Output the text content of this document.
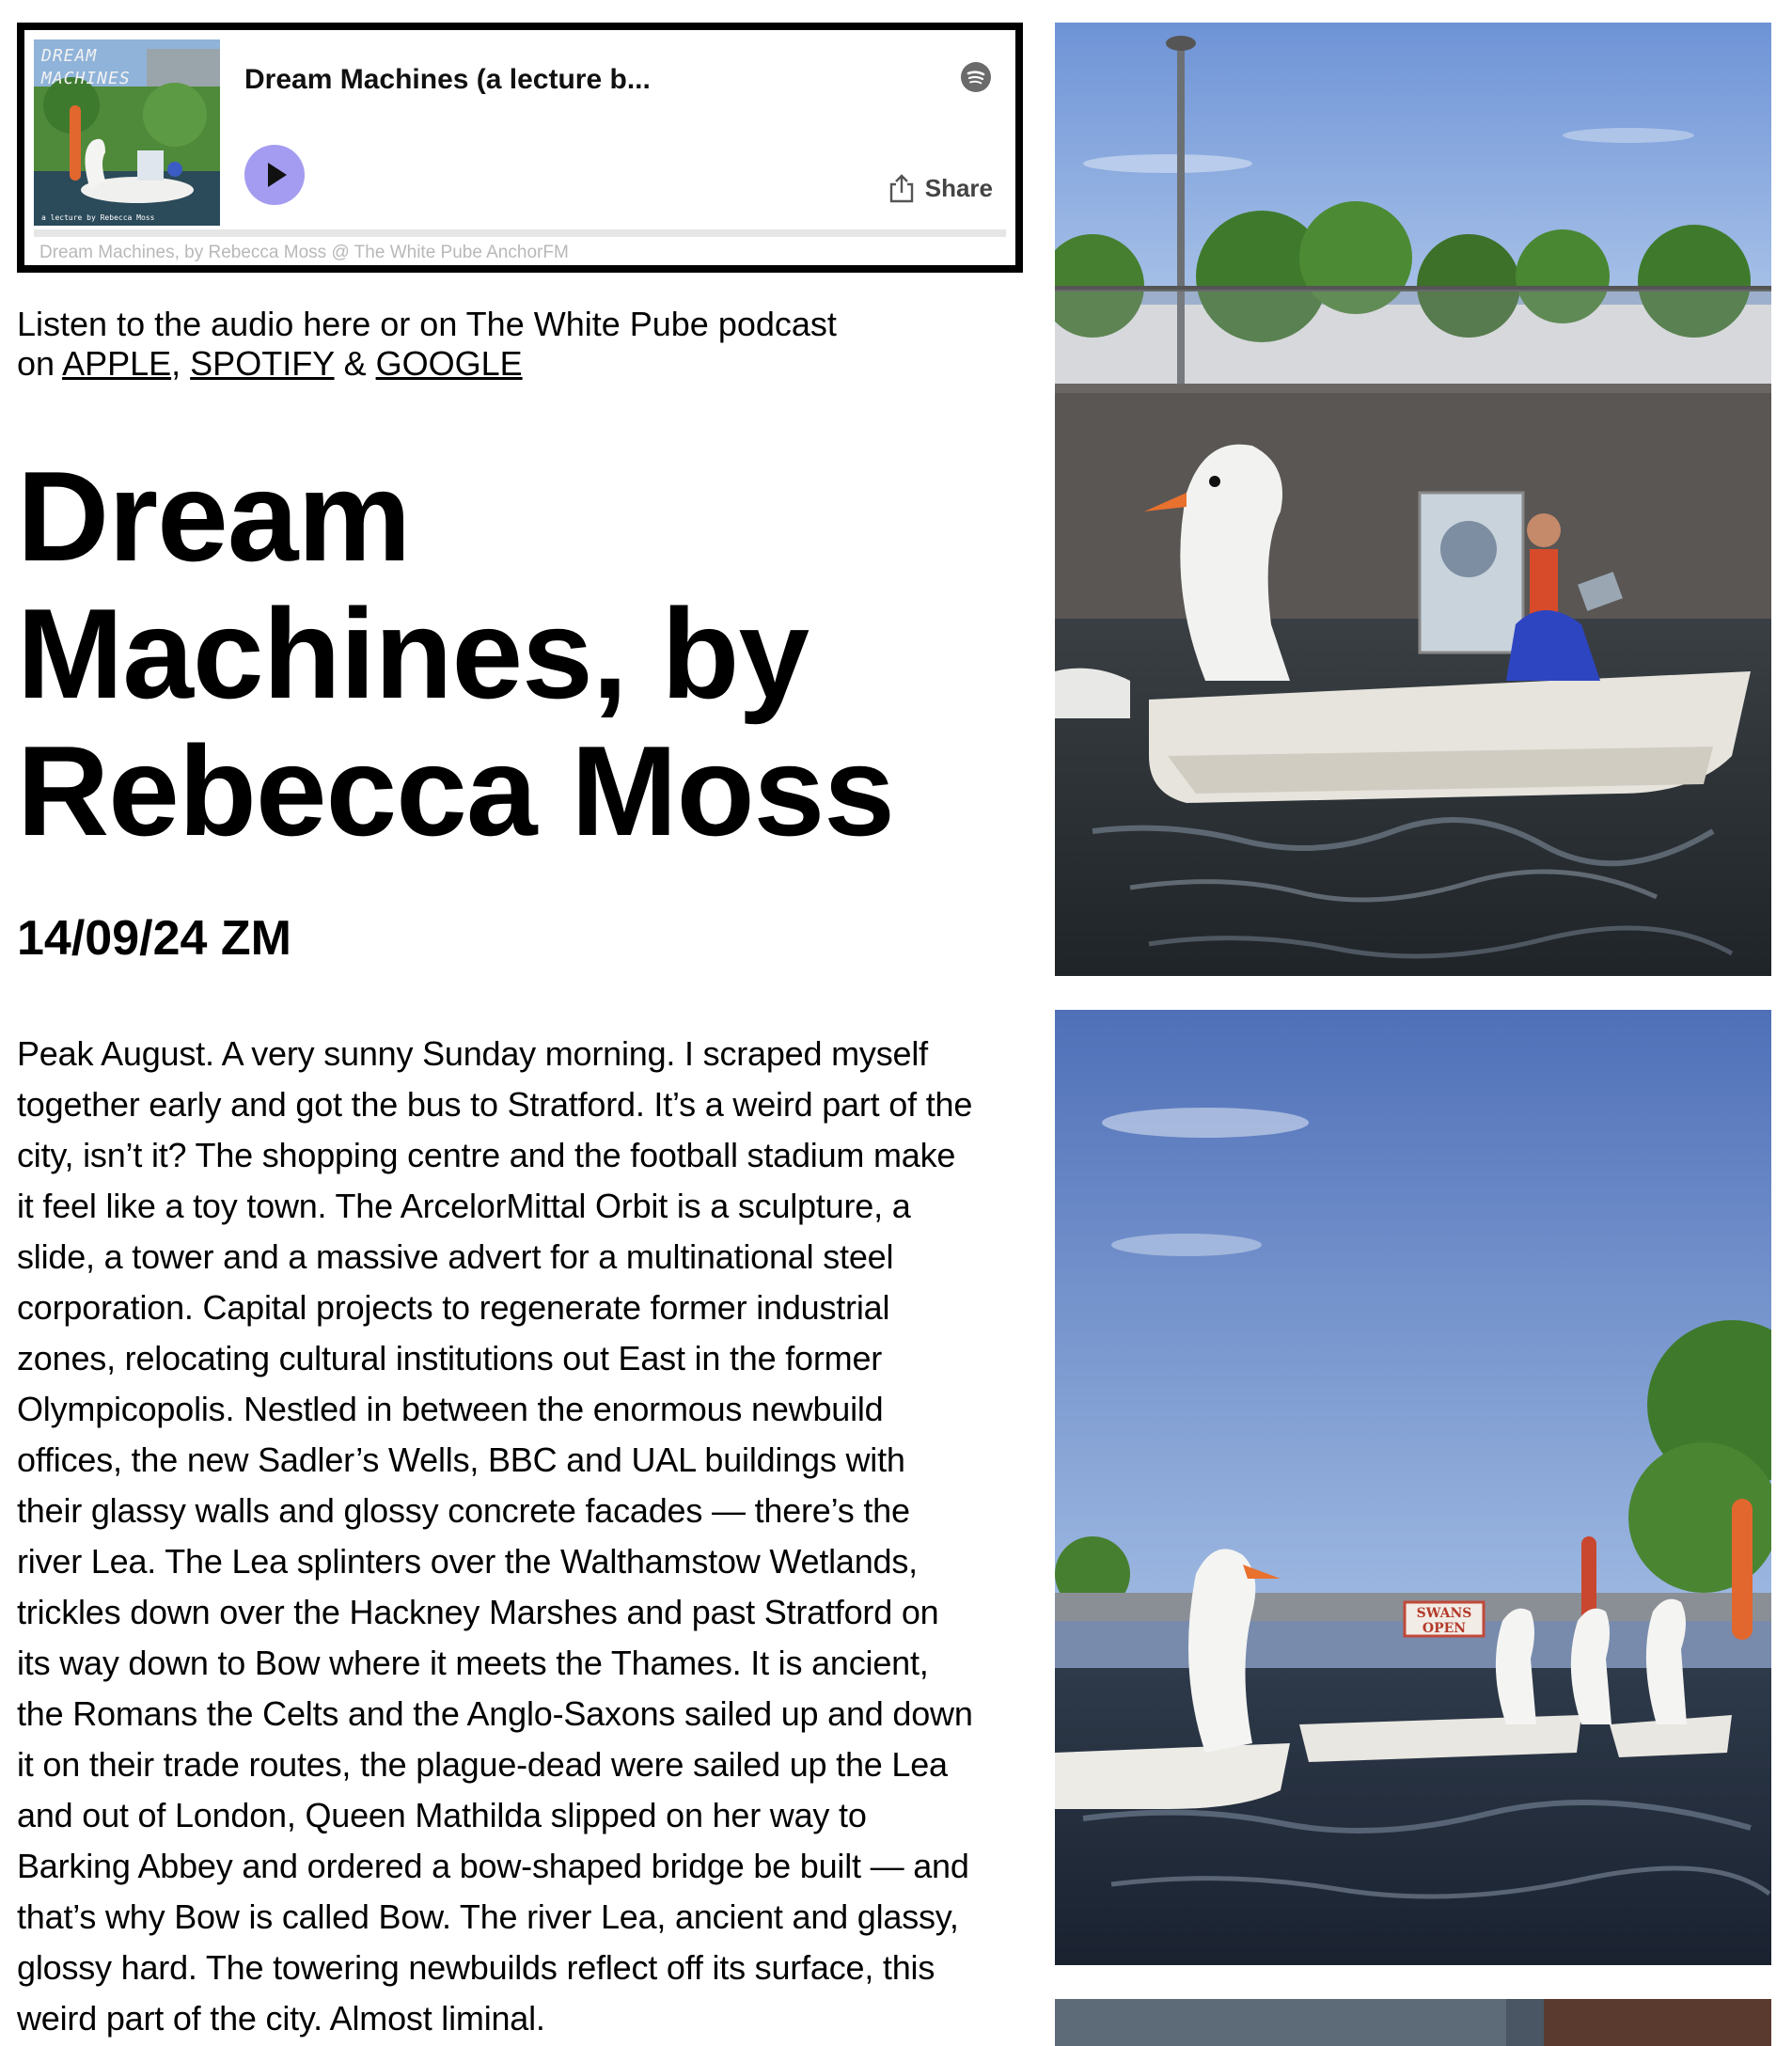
DREAM
MACHINES
a lecture by Rebecca Moss
Dream Machines (a lecture b...
Share
Dream Machines, by Rebecca Moss @ The White Pube AnchorFM
Listen to the audio here or on The White Pube podcast
on APPLE, SPOTIFY & GOOGLE
Dream
Machines, by
Rebecca Moss
14/09/24 ZM
Peak August. A very sunny Sunday morning. I scraped myself
together early and got the bus to Stratford. It’s a weird part of the
city, isn’t it? The shopping centre and the football stadium make
it feel like a toy town. The ArcelorMittal Orbit is a sculpture, a
slide, a tower and a massive advert for a multinational steel
corporation. Capital projects to regenerate former industrial
zones, relocating cultural institutions out East in the former
Olympicopolis. Nestled in between the enormous newbuild
offices, the new Sadler’s Wells, BBC and UAL buildings with
their glassy walls and glossy concrete facades — there’s the
river Lea. The Lea splinters over the Walthamstow Wetlands,
trickles down over the Hackney Marshes and past Stratford on
its way down to Bow where it meets the Thames. It is ancient,
the Romans the Celts and the Anglo-Saxons sailed up and down
it on their trade routes, the plague-dead were sailed up the Lea
and out of London, Queen Mathilda slipped on her way to
Barking Abbey and ordered a bow-shaped bridge be built — and
that’s why Bow is called Bow. The river Lea, ancient and glassy,
glossy hard. The towering newbuilds reflect off its surface, this
weird part of the city. Almost liminal.
SWANS
OPEN
